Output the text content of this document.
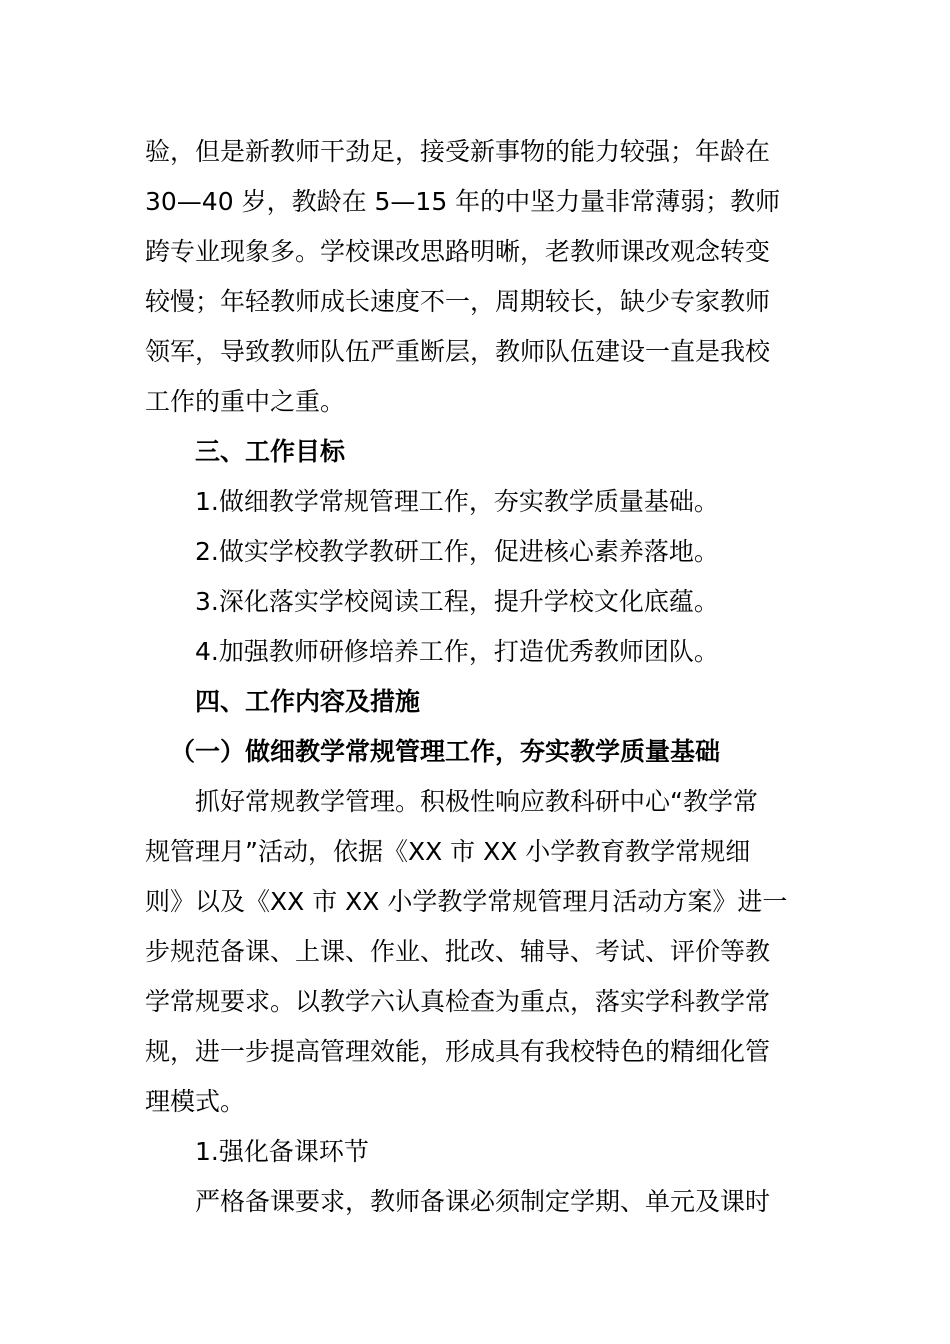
验，但是新教师干劲足，接受新事物的能力较强；年龄在
30—40 岁，教龄在 5—15 年的中坚力量非常薄弱；教师
跨专业现象多。学校课改思路明晰，老教师课改观念转变
较慢；年轻教师成长速度不一，周期较长，缺少专家教师
领军，导致教师队伍严重断层，教师队伍建设一直是我校
工作的重中之重。
三、工作目标
1.做细教学常规管理工作，夯实教学质量基础。
2.做实学校教学教研工作，促进核心素养落地。
3.深化落实学校阅读工程，提升学校文化底蕴。
4.加强教师研修培养工作，打造优秀教师团队。
四、工作内容及措施
（一）做细教学常规管理工作，夯实教学质量基础
抓好常规教学管理。积极性响应教科研中心“教学常
规管理月”活动，依据《XX 市 XX 小学教育教学常规细
则》以及《XX 市 XX 小学教学常规管理月活动方案》进一
步规范备课、上课、作业、批改、辅导、考试、评价等教
学常规要求。以教学六认真检查为重点，落实学科教学常
规，进一步提高管理效能，形成具有我校特色的精细化管
理模式。
1.强化备课环节
严格备课要求，教师备课必须制定学期、单元及课时
